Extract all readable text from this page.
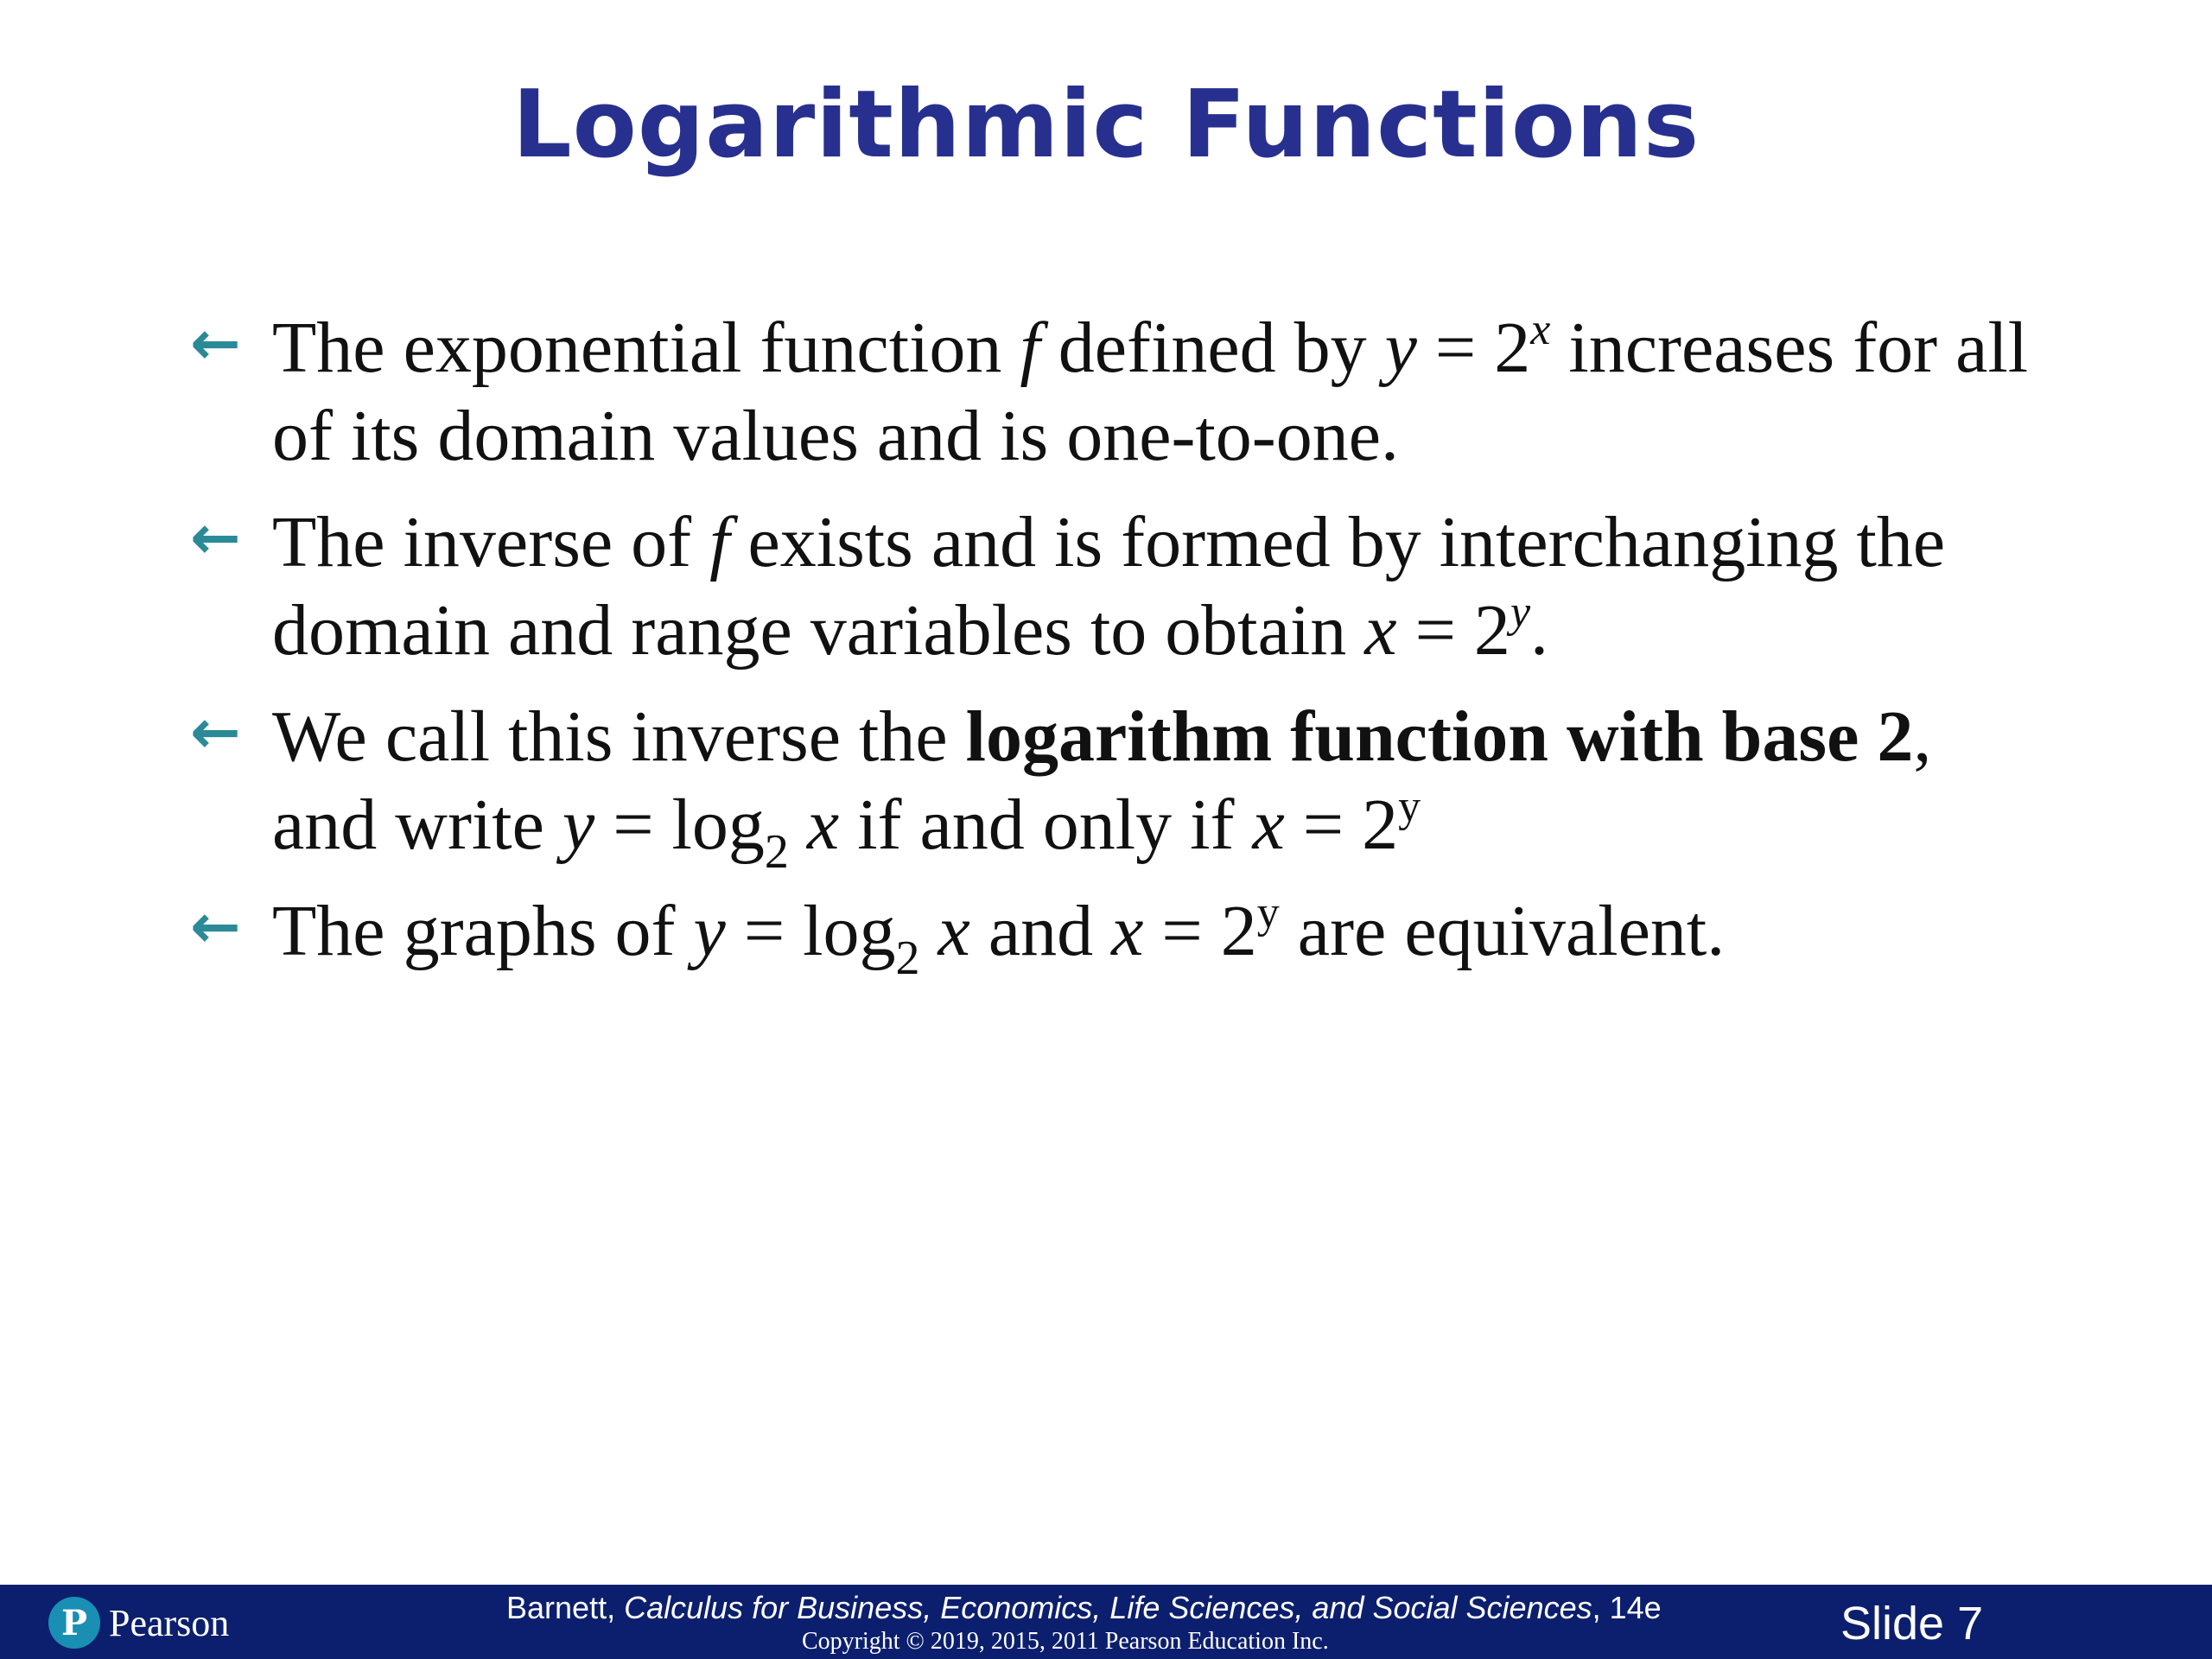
Logarithmic Functions
← The exponential function f defined by $y = 2^x$ increases for all of its domain values and is one-to-one.
← The inverse of f exists and is formed by interchanging the domain and range variables to obtain $x = 2^y$.
← We call this inverse the logarithm function with base 2, and write $y = \log_2 x$ if and only if $x = 2^y$
← The graphs of $y = \log_2 x$ and $x = 2^y$ are equivalent.
P Pearson	Barnett, Calculus for Business, Economics, Life Sciences, and Social Sciences, 14e
Copyright © 2019, 2015, 2011 Pearson Education Inc.	Slide 7
